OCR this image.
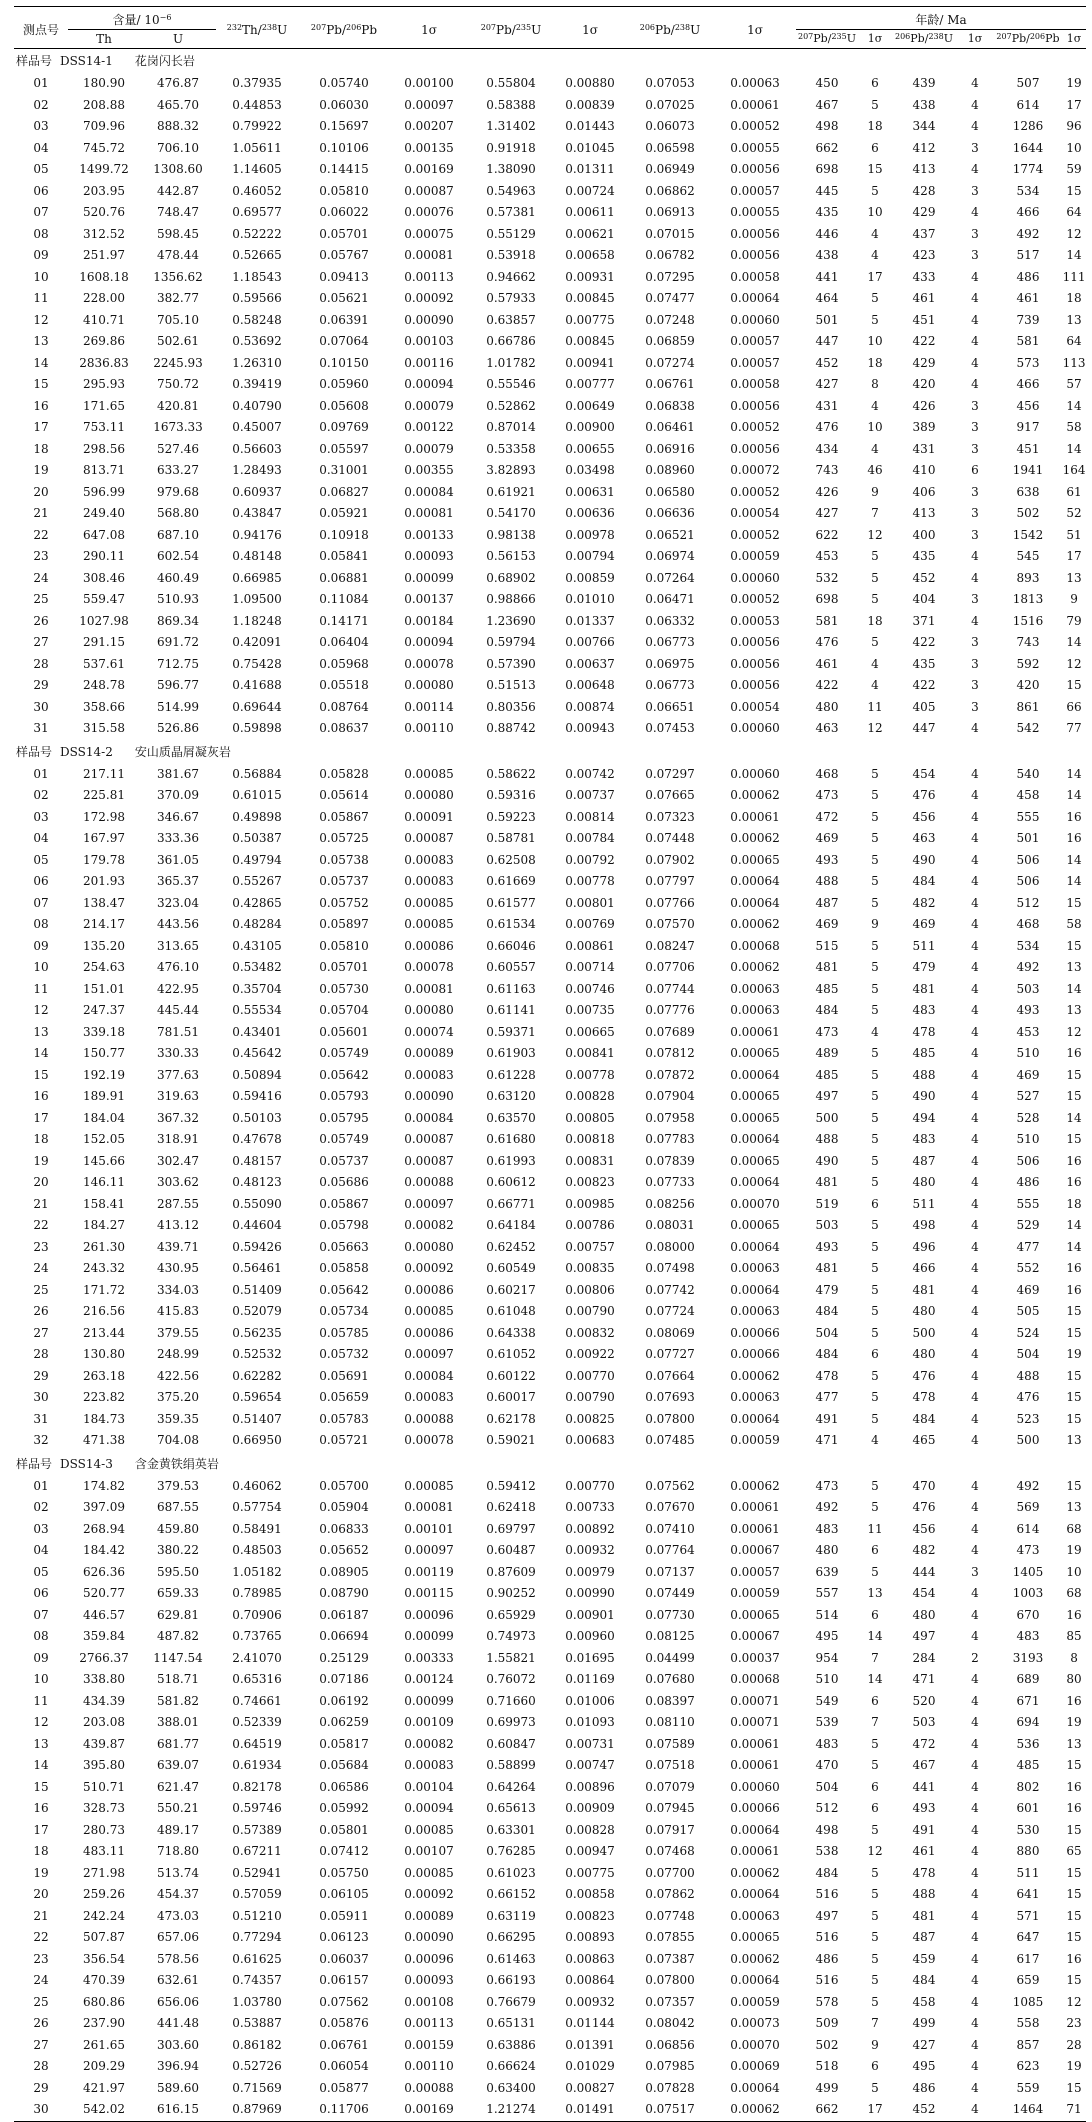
测点号	含量/ $10^{-6}$		$^{232}$Th/$^{238}$U	$^{207}$Pb/$^{206}$Pb	1σ	$^{207}$Pb/$^{235}$U	1σ	$^{206}$Pb/$^{238}$U	1σ	年龄/ Ma					
	Th	U								$^{207}$Pb/$^{235}$U	1σ	$^{206}$Pb/$^{238}$U	1σ	$^{207}$Pb/$^{206}$Pb	1σ
样品号 DSS14-1 花岗闪长岩															
01	180.90	476.87	0.37935	0.05740	0.00100	0.55804	0.00880	0.07053	0.00063	450	6	439	4	507	19
02	208.88	465.70	0.44853	0.06030	0.00097	0.58388	0.00839	0.07025	0.00061	467	5	438	4	614	17
03	709.96	888.32	0.79922	0.15697	0.00207	1.31402	0.01443	0.06073	0.00052	498	18	344	4	1286	96
04	745.72	706.10	1.05611	0.10106	0.00135	0.91918	0.01045	0.06598	0.00055	662	6	412	3	1644	10
05	1499.72	1308.60	1.14605	0.14415	0.00169	1.38090	0.01311	0.06949	0.00056	698	15	413	4	1774	59
06	203.95	442.87	0.46052	0.05810	0.00087	0.54963	0.00724	0.06862	0.00057	445	5	428	3	534	15
07	520.76	748.47	0.69577	0.06022	0.00076	0.57381	0.00611	0.06913	0.00055	435	10	429	4	466	64
08	312.52	598.45	0.52222	0.05701	0.00075	0.55129	0.00621	0.07015	0.00056	446	4	437	3	492	12
09	251.97	478.44	0.52665	0.05767	0.00081	0.53918	0.00658	0.06782	0.00056	438	4	423	3	517	14
10	1608.18	1356.62	1.18543	0.09413	0.00113	0.94662	0.00931	0.07295	0.00058	441	17	433	4	486	111
11	228.00	382.77	0.59566	0.05621	0.00092	0.57933	0.00845	0.07477	0.00064	464	5	461	4	461	18
12	410.71	705.10	0.58248	0.06391	0.00090	0.63857	0.00775	0.07248	0.00060	501	5	451	4	739	13
13	269.86	502.61	0.53692	0.07064	0.00103	0.66786	0.00845	0.06859	0.00057	447	10	422	4	581	64
14	2836.83	2245.93	1.26310	0.10150	0.00116	1.01782	0.00941	0.07274	0.00057	452	18	429	4	573	113
15	295.93	750.72	0.39419	0.05960	0.00094	0.55546	0.00777	0.06761	0.00058	427	8	420	4	466	57
16	171.65	420.81	0.40790	0.05608	0.00079	0.52862	0.00649	0.06838	0.00056	431	4	426	3	456	14
17	753.11	1673.33	0.45007	0.09769	0.00122	0.87014	0.00900	0.06461	0.00052	476	10	389	3	917	58
18	298.56	527.46	0.56603	0.05597	0.00079	0.53358	0.00655	0.06916	0.00056	434	4	431	3	451	14
19	813.71	633.27	1.28493	0.31001	0.00355	3.82893	0.03498	0.08960	0.00072	743	46	410	6	1941	164
20	596.99	979.68	0.60937	0.06827	0.00084	0.61921	0.00631	0.06580	0.00052	426	9	406	3	638	61
21	249.40	568.80	0.43847	0.05921	0.00081	0.54170	0.00636	0.06636	0.00054	427	7	413	3	502	52
22	647.08	687.10	0.94176	0.10918	0.00133	0.98138	0.00978	0.06521	0.00052	622	12	400	3	1542	51
23	290.11	602.54	0.48148	0.05841	0.00093	0.56153	0.00794	0.06974	0.00059	453	5	435	4	545	17
24	308.46	460.49	0.66985	0.06881	0.00099	0.68902	0.00859	0.07264	0.00060	532	5	452	4	893	13
25	559.47	510.93	1.09500	0.11084	0.00137	0.98866	0.01010	0.06471	0.00052	698	5	404	3	1813	9
26	1027.98	869.34	1.18248	0.14171	0.00184	1.23690	0.01337	0.06332	0.00053	581	18	371	4	1516	79
27	291.15	691.72	0.42091	0.06404	0.00094	0.59794	0.00766	0.06773	0.00056	476	5	422	3	743	14
28	537.61	712.75	0.75428	0.05968	0.00078	0.57390	0.00637	0.06975	0.00056	461	4	435	3	592	12
29	248.78	596.77	0.41688	0.05518	0.00080	0.51513	0.00648	0.06773	0.00056	422	4	422	3	420	15
30	358.66	514.99	0.69644	0.08764	0.00114	0.80356	0.00874	0.06651	0.00054	480	11	405	3	861	66
31	315.58	526.86	0.59898	0.08637	0.00110	0.88742	0.00943	0.07453	0.00060	463	12	447	4	542	77
样品号 DSS14-2 安山质晶屑凝灰岩															
01	217.11	381.67	0.56884	0.05828	0.00085	0.58622	0.00742	0.07297	0.00060	468	5	454	4	540	14
02	225.81	370.09	0.61015	0.05614	0.00080	0.59316	0.00737	0.07665	0.00062	473	5	476	4	458	14
03	172.98	346.67	0.49898	0.05867	0.00091	0.59223	0.00814	0.07323	0.00061	472	5	456	4	555	16
04	167.97	333.36	0.50387	0.05725	0.00087	0.58781	0.00784	0.07448	0.00062	469	5	463	4	501	16
05	179.78	361.05	0.49794	0.05738	0.00083	0.62508	0.00792	0.07902	0.00065	493	5	490	4	506	14
06	201.93	365.37	0.55267	0.05737	0.00083	0.61669	0.00778	0.07797	0.00064	488	5	484	4	506	14
07	138.47	323.04	0.42865	0.05752	0.00085	0.61577	0.00801	0.07766	0.00064	487	5	482	4	512	15
08	214.17	443.56	0.48284	0.05897	0.00085	0.61534	0.00769	0.07570	0.00062	469	9	469	4	468	58
09	135.20	313.65	0.43105	0.05810	0.00086	0.66046	0.00861	0.08247	0.00068	515	5	511	4	534	15
10	254.63	476.10	0.53482	0.05701	0.00078	0.60557	0.00714	0.07706	0.00062	481	5	479	4	492	13
11	151.01	422.95	0.35704	0.05730	0.00081	0.61163	0.00746	0.07744	0.00063	485	5	481	4	503	14
12	247.37	445.44	0.55534	0.05704	0.00080	0.61141	0.00735	0.07776	0.00063	484	5	483	4	493	13
13	339.18	781.51	0.43401	0.05601	0.00074	0.59371	0.00665	0.07689	0.00061	473	4	478	4	453	12
14	150.77	330.33	0.45642	0.05749	0.00089	0.61903	0.00841	0.07812	0.00065	489	5	485	4	510	16
15	192.19	377.63	0.50894	0.05642	0.00083	0.61228	0.00778	0.07872	0.00064	485	5	488	4	469	15
16	189.91	319.63	0.59416	0.05793	0.00090	0.63120	0.00828	0.07904	0.00065	497	5	490	4	527	15
17	184.04	367.32	0.50103	0.05795	0.00084	0.63570	0.00805	0.07958	0.00065	500	5	494	4	528	14
18	152.05	318.91	0.47678	0.05749	0.00087	0.61680	0.00818	0.07783	0.00064	488	5	483	4	510	15
19	145.66	302.47	0.48157	0.05737	0.00087	0.61993	0.00831	0.07839	0.00065	490	5	487	4	506	16
20	146.11	303.62	0.48123	0.05686	0.00088	0.60612	0.00823	0.07733	0.00064	481	5	480	4	486	16
21	158.41	287.55	0.55090	0.05867	0.00097	0.66771	0.00985	0.08256	0.00070	519	6	511	4	555	18
22	184.27	413.12	0.44604	0.05798	0.00082	0.64184	0.00786	0.08031	0.00065	503	5	498	4	529	14
23	261.30	439.71	0.59426	0.05663	0.00080	0.62452	0.00757	0.08000	0.00064	493	5	496	4	477	14
24	243.32	430.95	0.56461	0.05858	0.00092	0.60549	0.00835	0.07498	0.00063	481	5	466	4	552	16
25	171.72	334.03	0.51409	0.05642	0.00086	0.60217	0.00806	0.07742	0.00064	479	5	481	4	469	16
26	216.56	415.83	0.52079	0.05734	0.00085	0.61048	0.00790	0.07724	0.00063	484	5	480	4	505	15
27	213.44	379.55	0.56235	0.05785	0.00086	0.64338	0.00832	0.08069	0.00066	504	5	500	4	524	15
28	130.80	248.99	0.52532	0.05732	0.00097	0.61052	0.00922	0.07727	0.00066	484	6	480	4	504	19
29	263.18	422.56	0.62282	0.05691	0.00084	0.60122	0.00770	0.07664	0.00062	478	5	476	4	488	15
30	223.82	375.20	0.59654	0.05659	0.00083	0.60017	0.00790	0.07693	0.00063	477	5	478	4	476	15
31	184.73	359.35	0.51407	0.05783	0.00088	0.62178	0.00825	0.07800	0.00064	491	5	484	4	523	15
32	471.38	704.08	0.66950	0.05721	0.00078	0.59021	0.00683	0.07485	0.00059	471	4	465	4	500	13
样品号 DSS14-3 含金黄铁绢英岩															
01	174.82	379.53	0.46062	0.05700	0.00085	0.59412	0.00770	0.07562	0.00062	473	5	470	4	492	15
02	397.09	687.55	0.57754	0.05904	0.00081	0.62418	0.00733	0.07670	0.00061	492	5	476	4	569	13
03	268.94	459.80	0.58491	0.06833	0.00101	0.69797	0.00892	0.07410	0.00061	483	11	456	4	614	68
04	184.42	380.22	0.48503	0.05652	0.00097	0.60487	0.00932	0.07764	0.00067	480	6	482	4	473	19
05	626.36	595.50	1.05182	0.08905	0.00119	0.87609	0.00979	0.07137	0.00057	639	5	444	3	1405	10
06	520.77	659.33	0.78985	0.08790	0.00115	0.90252	0.00990	0.07449	0.00059	557	13	454	4	1003	68
07	446.57	629.81	0.70906	0.06187	0.00096	0.65929	0.00901	0.07730	0.00065	514	6	480	4	670	16
08	359.84	487.82	0.73765	0.06694	0.00099	0.74973	0.00960	0.08125	0.00067	495	14	497	4	483	85
09	2766.37	1147.54	2.41070	0.25129	0.00333	1.55821	0.01695	0.04499	0.00037	954	7	284	2	3193	8
10	338.80	518.71	0.65316	0.07186	0.00124	0.76072	0.01169	0.07680	0.00068	510	14	471	4	689	80
11	434.39	581.82	0.74661	0.06192	0.00099	0.71660	0.01006	0.08397	0.00071	549	6	520	4	671	16
12	203.08	388.01	0.52339	0.06259	0.00109	0.69973	0.01093	0.08110	0.00071	539	7	503	4	694	19
13	439.87	681.77	0.64519	0.05817	0.00082	0.60847	0.00731	0.07589	0.00061	483	5	472	4	536	13
14	395.80	639.07	0.61934	0.05684	0.00083	0.58899	0.00747	0.07518	0.00061	470	5	467	4	485	15
15	510.71	621.47	0.82178	0.06586	0.00104	0.64264	0.00896	0.07079	0.00060	504	6	441	4	802	16
16	328.73	550.21	0.59746	0.05992	0.00094	0.65613	0.00909	0.07945	0.00066	512	6	493	4	601	16
17	280.73	489.17	0.57389	0.05801	0.00085	0.63301	0.00828	0.07917	0.00064	498	5	491	4	530	15
18	483.11	718.80	0.67211	0.07412	0.00107	0.76285	0.00947	0.07468	0.00061	538	12	461	4	880	65
19	271.98	513.74	0.52941	0.05750	0.00085	0.61023	0.00775	0.07700	0.00062	484	5	478	4	511	15
20	259.26	454.37	0.57059	0.06105	0.00092	0.66152	0.00858	0.07862	0.00064	516	5	488	4	641	15
21	242.24	473.03	0.51210	0.05911	0.00089	0.63119	0.00823	0.07748	0.00063	497	5	481	4	571	15
22	507.87	657.06	0.77294	0.06123	0.00090	0.66295	0.00893	0.07855	0.00065	516	5	487	4	647	15
23	356.54	578.56	0.61625	0.06037	0.00096	0.61463	0.00863	0.07387	0.00062	486	5	459	4	617	16
24	470.39	632.61	0.74357	0.06157	0.00093	0.66193	0.00864	0.07800	0.00064	516	5	484	4	659	15
25	680.86	656.06	1.03780	0.07562	0.00108	0.76679	0.00932	0.07357	0.00059	578	5	458	4	1085	12
26	237.90	441.48	0.53887	0.05876	0.00113	0.65131	0.01144	0.08042	0.00073	509	7	499	4	558	23
27	261.65	303.60	0.86182	0.06761	0.00159	0.63886	0.01391	0.06856	0.00070	502	9	427	4	857	28
28	209.29	396.94	0.52726	0.06054	0.00110	0.66624	0.01029	0.07985	0.00069	518	6	495	4	623	19
29	421.97	589.60	0.71569	0.05877	0.00088	0.63400	0.00827	0.07828	0.00064	499	5	486	4	559	15
30	542.02	616.15	0.87969	0.11706	0.00169	1.21274	0.01491	0.07517	0.00062	662	17	452	4	1464	71
